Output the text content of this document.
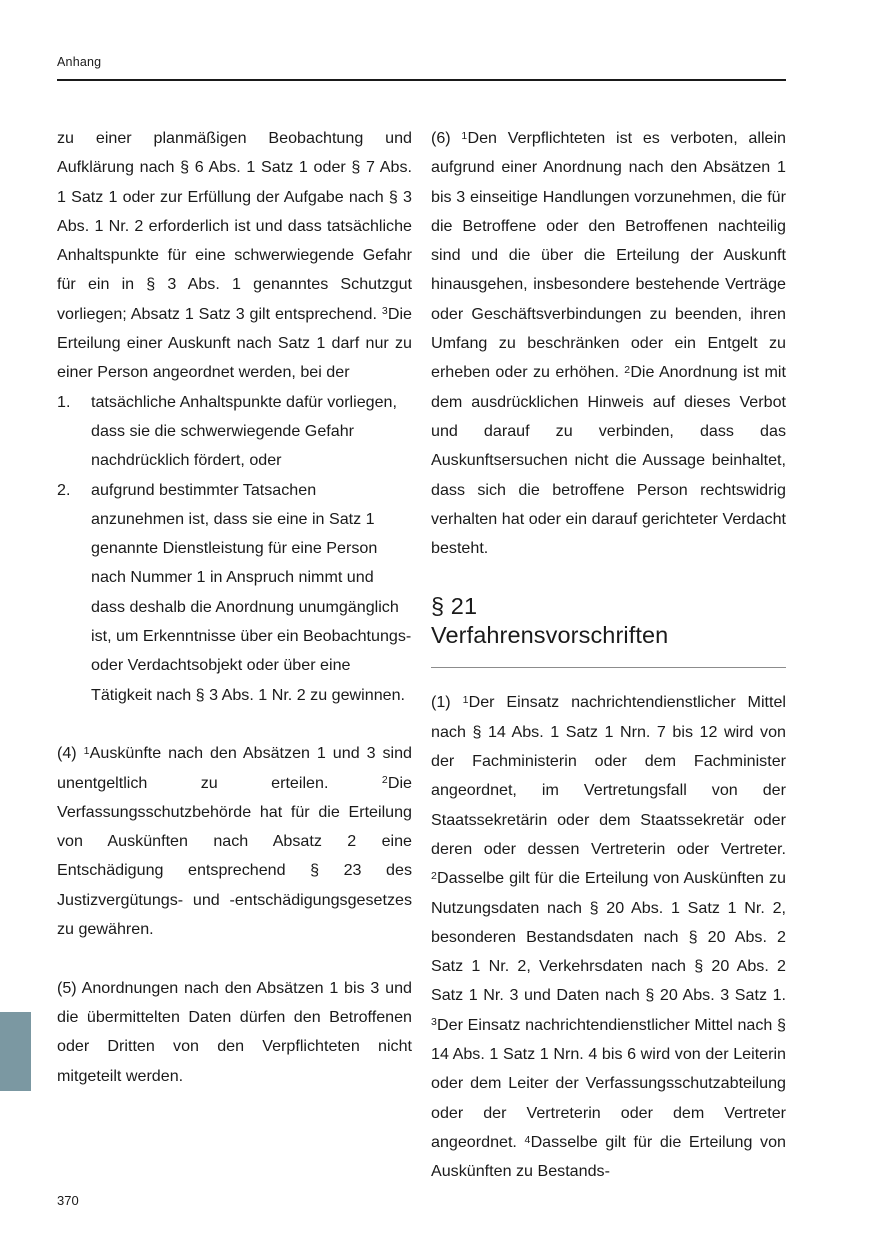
Anhang
370

zu einer planmäßigen Beobachtung und Aufklärung nach § 6 Abs. 1 Satz 1 oder § 7 Abs. 1 Satz 1 oder zur Erfüllung der Aufgabe nach § 3 Abs. 1 Nr. 2 erforderlich ist und dass tatsächliche Anhaltspunkte für eine schwerwiegende Gefahr für ein in § 3 Abs. 1 genanntes Schutzgut vorliegen; Absatz 1 Satz 3 gilt entsprechend. $^3$Die Erteilung einer Auskunft nach Satz 1 darf nur zu einer Person angeordnet werden, bei der

1.	tatsächliche Anhaltspunkte dafür vorliegen, dass sie die schwerwiegende Gefahr nachdrücklich fördert, oder
2.	aufgrund bestimmter Tatsachen anzunehmen ist, dass sie eine in Satz 1 genannte Dienstleistung für eine Person nach Nummer 1 in Anspruch nimmt und dass deshalb die Anordnung unumgänglich ist, um Erkenntnisse über ein Beobachtungs- oder Verdachtsobjekt oder über eine Tätigkeit nach § 3 Abs. 1 Nr. 2 zu gewinnen.

(4) $^1$Auskünfte nach den Absätzen 1 und 3 sind unentgeltlich zu erteilen. $^2$Die Verfassungsschutzbehörde hat für die Erteilung von Auskünften nach Absatz 2 eine Entschädigung entsprechend § 23 des Justizvergütungs- und -entschädigungsgesetzes zu gewähren.

(5) Anordnungen nach den Absätzen 1 bis 3 und die übermittelten Daten dürfen den Betroffenen oder Dritten von den Verpflichteten nicht mitgeteilt werden.

(6) $^1$Den Verpflichteten ist es verboten, allein aufgrund einer Anordnung nach den Absätzen 1 bis 3 einseitige Handlungen vorzunehmen, die für die Betroffene oder den Betroffenen nachteilig sind und die über die Erteilung der Auskunft hinausgehen, insbesondere bestehende Verträge oder Geschäftsverbindungen zu beenden, ihren Umfang zu beschränken oder ein Entgelt zu erheben oder zu erhöhen. $^2$Die Anordnung ist mit dem ausdrücklichen Hinweis auf dieses Verbot und darauf zu verbinden, dass das Auskunftsersuchen nicht die Aussage beinhaltet, dass sich die betroffene Person rechtswidrig verhalten hat oder ein darauf gerichteter Verdacht besteht.

§ 21
Verfahrensvorschriften

(1) $^1$Der Einsatz nachrichtendienstlicher Mittel nach § 14 Abs. 1 Satz 1 Nrn. 7 bis 12 wird von der Fachministerin oder dem Fachminister angeordnet, im Vertretungsfall von der Staatssekretärin oder dem Staatssekretär oder deren oder dessen Vertreterin oder Vertreter. $^2$Dasselbe gilt für die Erteilung von Auskünften zu Nutzungsdaten nach § 20 Abs. 1 Satz 1 Nr. 2, besonderen Bestandsdaten nach § 20 Abs. 2 Satz 1 Nr. 2, Verkehrsdaten nach § 20 Abs. 2 Satz 1 Nr. 3 und Daten nach § 20 Abs. 3 Satz 1. $^3$Der Einsatz nachrichtendienstlicher Mittel nach § 14 Abs. 1 Satz 1 Nrn. 4 bis 6 wird von der Leiterin oder dem Leiter der Verfassungsschutzabteilung oder der Vertreterin oder dem Vertreter angeordnet. $^4$Dasselbe gilt für die Erteilung von Auskünften zu Bestands-
